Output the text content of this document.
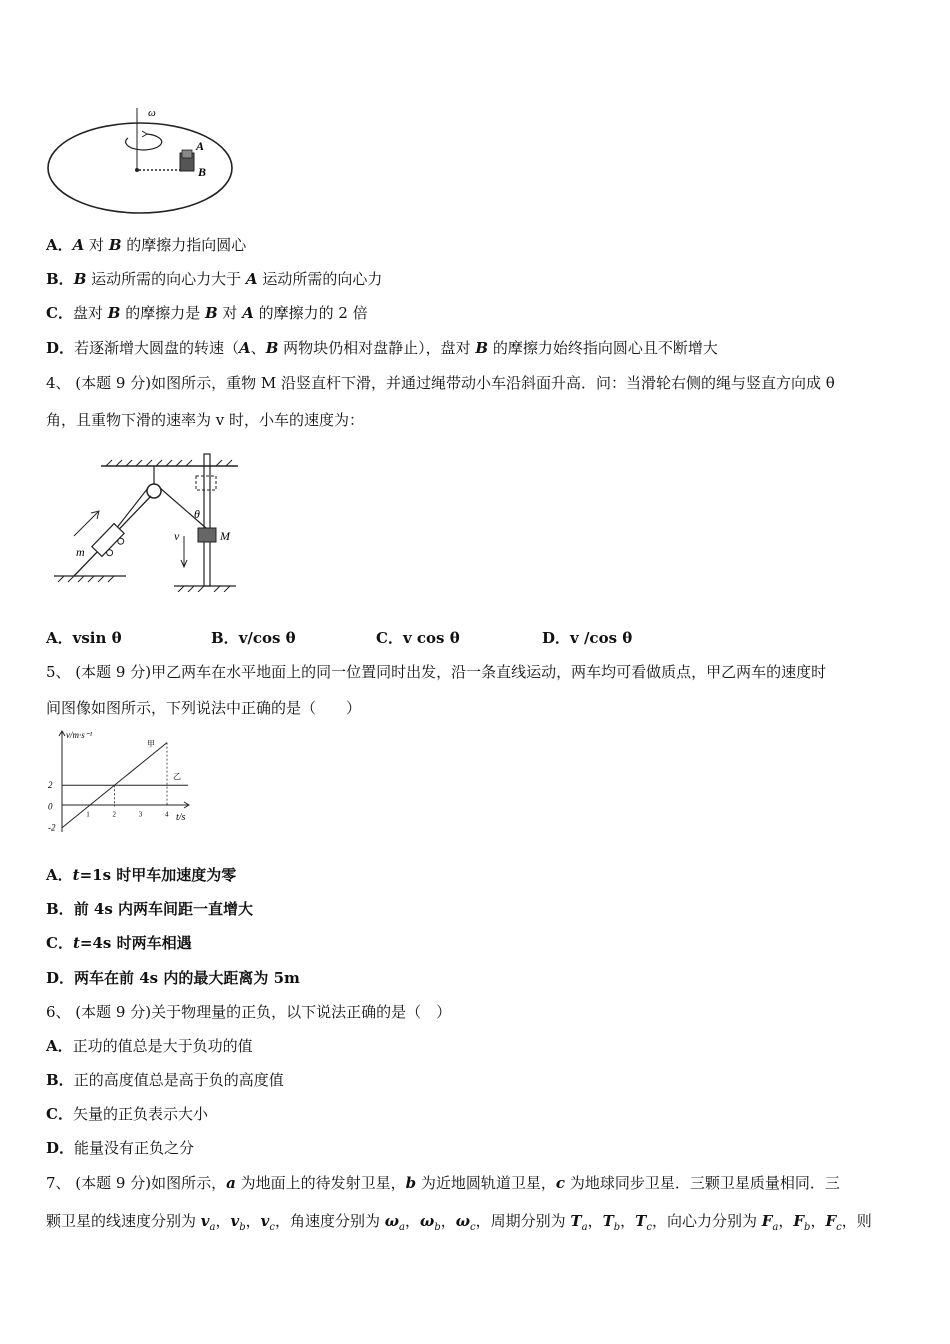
ω
A
B
A．A 对 B 的摩擦力指向圆心
B．B 运动所需的向心力大于 A 运动所需的向心力
C．盘对 B 的摩擦力是 B 对 A 的摩擦力的 2 倍
D．若逐渐增大圆盘的转速（A、B 两物块仍相对盘静止），盘对 B 的摩擦力始终指向圆心且不断增大
4、 (本题 9 分)如图所示，重物 M 沿竖直杆下滑，并通过绳带动小车沿斜面升高．问：当滑轮右侧的绳与竖直方向成 θ
角，且重物下滑的速率为 v 时，小车的速度为：
m
M
v
θ
A．vsin θ	B．v/cos θ	C．v cos θ	D．v /cos θ
5、 (本题 9 分)甲乙两车在水平地面上的同一位置同时出发，沿一条直线运动，两车均可看做质点，甲乙两车的速度时
间图像如图所示，下列说法中正确的是（　　）
v/m·s⁻¹
t/s
1	2	3	4
2
0
-2
甲
乙
A．t=1s 时甲车加速度为零
B．前 4s 内两车间距一直增大
C．t=4s 时两车相遇
D．两车在前 4s 内的最大距离为 5m
6、 (本题 9 分)关于物理量的正负，以下说法正确的是（　）
A．正功的值总是大于负功的值
B．正的高度值总是高于负的高度值
C．矢量的正负表示大小
D．能量没有正负之分
7、 (本题 9 分)如图所示，a 为地面上的待发射卫星，b 为近地圆轨道卫星，c 为地球同步卫星．三颗卫星质量相同．三
颗卫星的线速度分别为 $v_a$，$v_b$，$v_c$，角速度分别为 $\omega_a$，$\omega_b$，$\omega_c$，周期分别为 $T_a$，$T_b$，$T_c$，向心力分别为 $F_a$，$F_b$，$F_c$，则
